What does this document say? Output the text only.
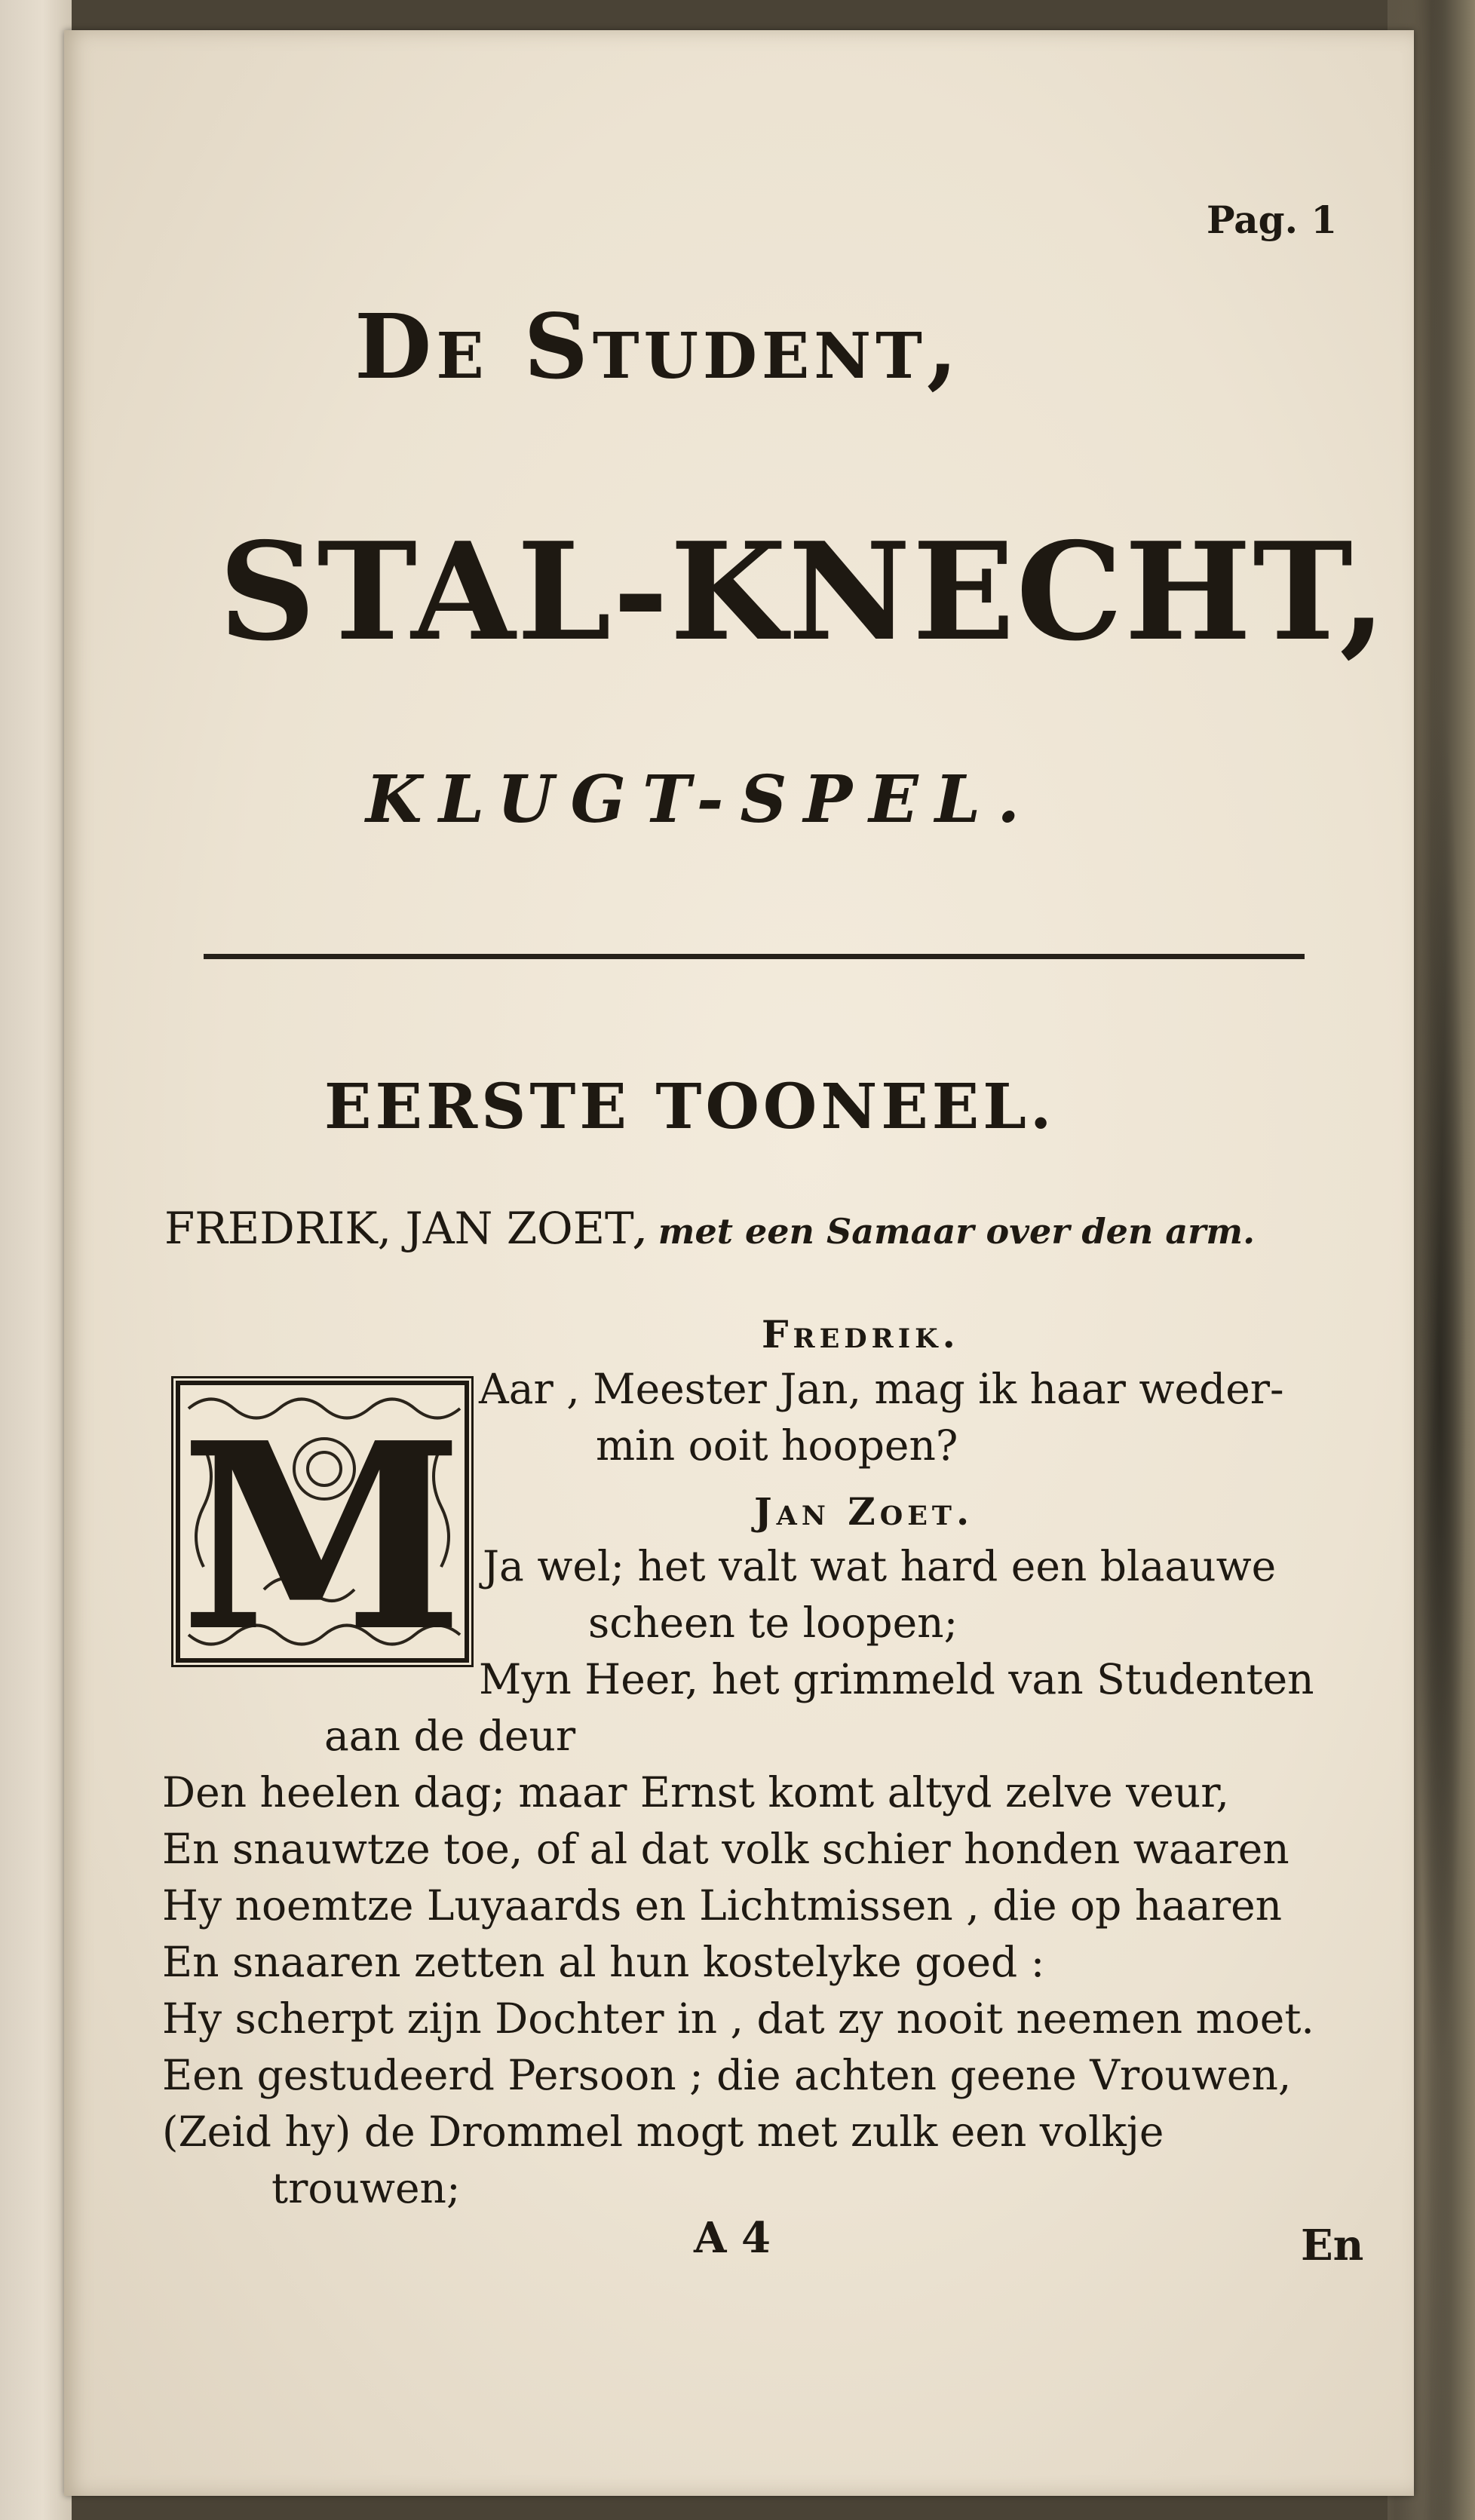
Pag. 1
De Student,
STAL-KNECHT,
KLUGT-SPEL.
EERSTE TOONEEL.
FREDRIK, JAN ZOET, met een Samaar over den arm.
Fredrik.
M Aar , Meester Jan, mag ik haar weder-
min ooit hoopen?
Jan Zoet.
Ja wel; het valt wat hard een blaauwe
scheen te loopen;
Myn Heer, het grimmeld van Studenten
aan de deur
Den heelen dag; maar Ernst komt altyd zelve veur,
En snauwtze toe, of al dat volk schier honden waaren
Hy noemtze Luyaards en Lichtmissen , die op haaren
En snaaren zetten al hun kostelyke goed :
Hy scherpt zijn Dochter in , dat zy nooit neemen moet.
Een gestudeerd Persoon ; die achten geene Vrouwen,
(Zeid hy) de Drommel mogt met zulk een volkje
trouwen;
A 4	En
